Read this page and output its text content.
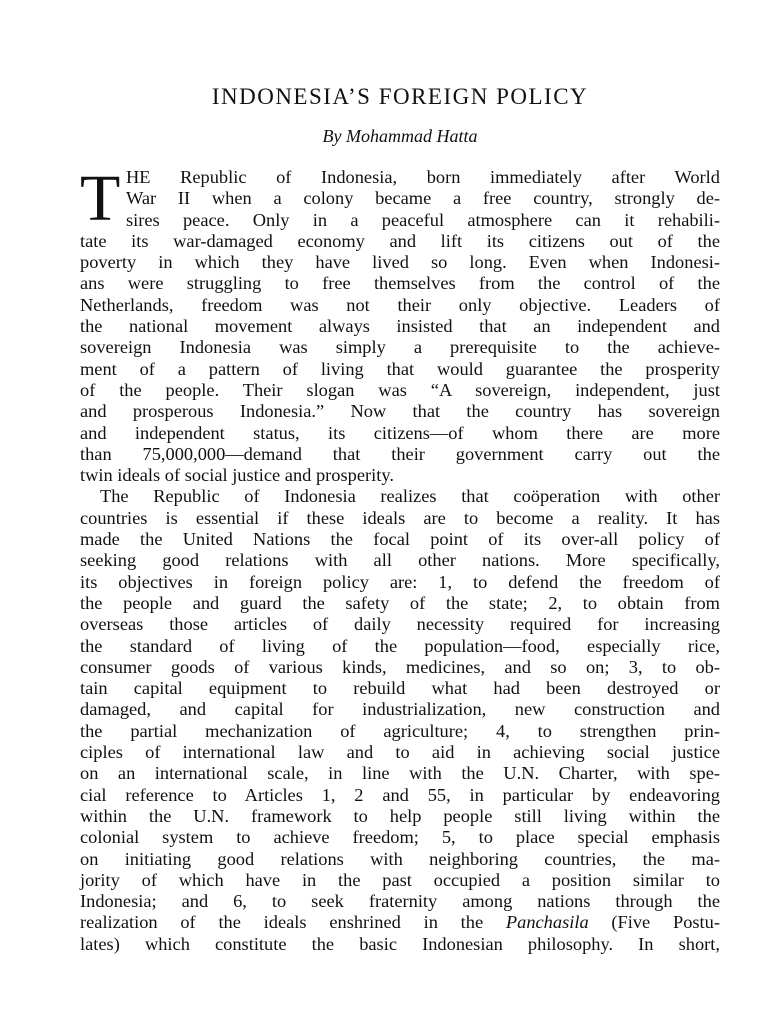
INDONESIA’S FOREIGN POLICY
By Mohammad Hatta
T HE Republic of Indonesia, born immediately after World
War II when a colony became a free country, strongly de-
sires peace. Only in a peaceful atmosphere can it rehabili-
tate its war-damaged economy and lift its citizens out of the
poverty in which they have lived so long. Even when Indonesi-
ans were struggling to free themselves from the control of the
Netherlands, freedom was not their only objective. Leaders of
the national movement always insisted that an independent and
sovereign Indonesia was simply a prerequisite to the achieve-
ment of a pattern of living that would guarantee the prosperity
of the people. Their slogan was “A sovereign, independent, just
and prosperous Indonesia.” Now that the country has sovereign
and independent status, its citizens—of whom there are more
than 75,000,000—demand that their government carry out the
twin ideals of social justice and prosperity.
The Republic of Indonesia realizes that coöperation with other
countries is essential if these ideals are to become a reality. It has
made the United Nations the focal point of its over-all policy of
seeking good relations with all other nations. More specifically,
its objectives in foreign policy are: 1, to defend the freedom of
the people and guard the safety of the state; 2, to obtain from
overseas those articles of daily necessity required for increasing
the standard of living of the population—food, especially rice,
consumer goods of various kinds, medicines, and so on; 3, to ob-
tain capital equipment to rebuild what had been destroyed or
damaged, and capital for industrialization, new construction and
the partial mechanization of agriculture; 4, to strengthen prin-
ciples of international law and to aid in achieving social justice
on an international scale, in line with the U.N. Charter, with spe-
cial reference to Articles 1, 2 and 55, in particular by endeavoring
within the U.N. framework to help people still living within the
colonial system to achieve freedom; 5, to place special emphasis
on initiating good relations with neighboring countries, the ma-
jority of which have in the past occupied a position similar to
Indonesia; and 6, to seek fraternity among nations through the
realization of the ideals enshrined in the Panchasila (Five Postu-
lates) which constitute the basic Indonesian philosophy. In short,
